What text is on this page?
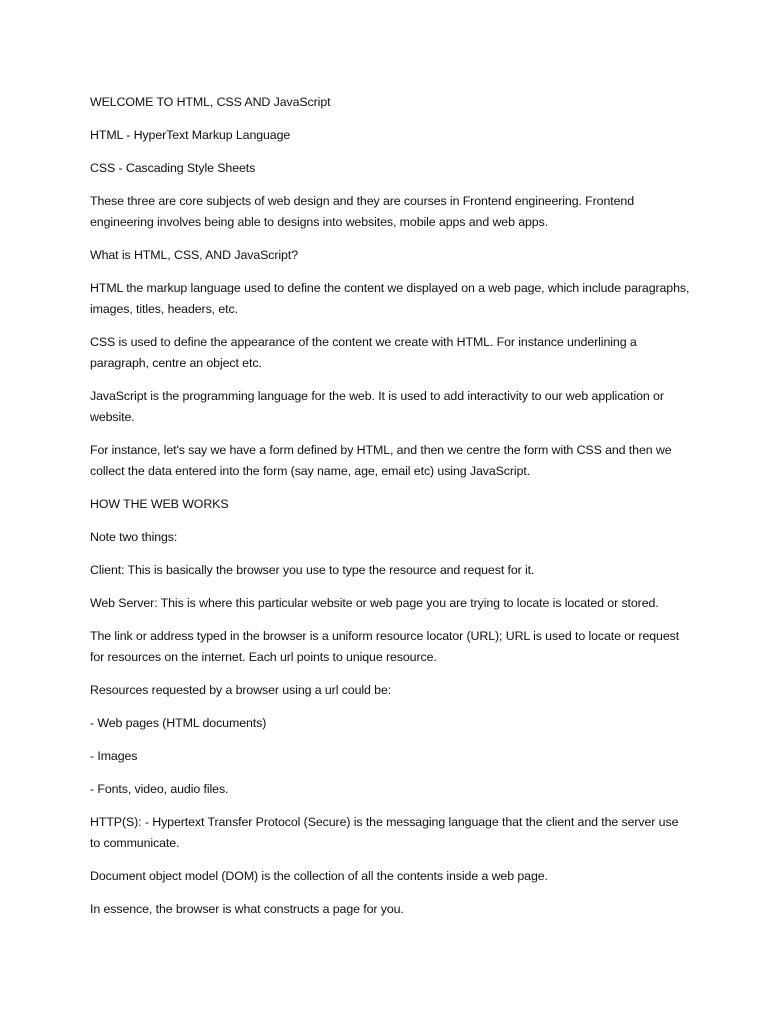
WELCOME TO HTML, CSS AND JavaScript

HTML - HyperText Markup Language

CSS - Cascading Style Sheets

These three are core subjects of web design and they are courses in Frontend engineering. Frontend engineering involves being able to designs into websites, mobile apps and web apps.

What is HTML, CSS, AND JavaScript?

HTML the markup language used to define the content we displayed on a web page, which include paragraphs, images, titles, headers, etc.

CSS is used to define the appearance of the content we create with HTML. For instance underlining a paragraph, centre an object etc.

JavaScript is the programming language for the web. It is used to add interactivity to our web application or website.

For instance, let's say we have a form defined by HTML, and then we centre the form with CSS and then we collect the data entered into the form (say name, age, email etc) using JavaScript.

HOW THE WEB WORKS

Note two things:

Client: This is basically the browser you use to type the resource and request for it.

Web Server: This is where this particular website or web page you are trying to locate is located or stored.

The link or address typed in the browser is a uniform resource locator (URL); URL is used to locate or request for resources on the internet. Each url points to unique resource.

Resources requested by a browser using a url could be:

- Web pages (HTML documents)

- Images

- Fonts, video, audio files.

HTTP(S): - Hypertext Transfer Protocol (Secure) is the messaging language that the client and the server use to communicate.

Document object model (DOM) is the collection of all the contents inside a web page.

In essence, the browser is what constructs a page for you.
